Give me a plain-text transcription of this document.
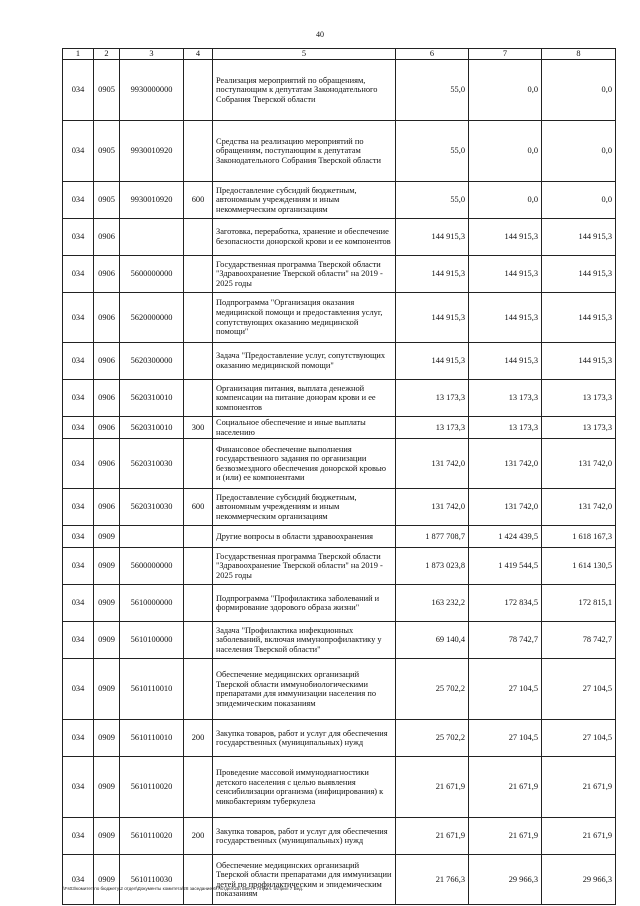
40
1	2	3	4	5	6	7	8
034	0905	9930000000		Реализация мероприятий по обращениям, поступающим к депутатам Законодательного Собрания Тверской области	55,0	0,0	0,0
034	0905	9930010920		Средства на реализацию мероприятий по обращениям, поступающим к депутатам Законодательного Собрания Тверской области	55,0	0,0	0,0
034	0905	9930010920	600	Предоставление субсидий бюджетным, автономным учреждениям и иным некоммерческим организациям	55,0	0,0	0,0
034	0906			Заготовка, переработка, хранение и обеспечение безопасности донорской крови и ее компонентов	144 915,3	144 915,3	144 915,3
034	0906	5600000000		Государственная программа Тверской области "Здравоохранение Тверской области" на 2019 - 2025 годы	144 915,3	144 915,3	144 915,3
034	0906	5620000000		Подпрограмма "Организация оказания медицинской помощи и предоставления услуг, сопутствующих оказанию медицинской помощи"	144 915,3	144 915,3	144 915,3
034	0906	5620300000		Задача "Предоставление услуг, сопутствующих оказанию медицинской помощи"	144 915,3	144 915,3	144 915,3
034	0906	5620310010		Организация питания, выплата денежной компенсации на питание донорам крови и ее компонентов	13 173,3	13 173,3	13 173,3
034	0906	5620310010	300	Социальное обеспечение и иные выплаты населению	13 173,3	13 173,3	13 173,3
034	0906	5620310030		Финансовое обеспечение выполнения государственного задания по организации безвозмездного обеспечения донорской кровью и (или) ее компонентами	131 742,0	131 742,0	131 742,0
034	0906	5620310030	600	Предоставление субсидий бюджетным, автономным учреждениям и иным некоммерческим организациям	131 742,0	131 742,0	131 742,0
034	0909			Другие вопросы в области здравоохранения	1 877 708,7	1 424 439,5	1 618 167,3
034	0909	5600000000		Государственная программа Тверской области "Здравоохранение Тверской области" на 2019 - 2025 годы	1 873 023,8	1 419 544,5	1 614 130,5
034	0909	5610000000		Подпрограмма "Профилактика заболеваний и формирование здорового образа жизни"	163 232,2	172 834,5	172 815,1
034	0909	5610100000		Задача "Профилактика инфекционных заболеваний, включая иммунопрофилактику у населения Тверской области"	69 140,4	78 742,7	78 742,7
034	0909	5610110010		Обеспечение медицинских организаций Тверской области иммунобиологическими препаратами для иммунизации населения по эпидемическим показаниям	25 702,2	27 104,5	27 104,5
034	0909	5610110010	200	Закупка товаров, работ и услуг для обеспечения государственных (муниципальных) нужд	25 702,2	27 104,5	27 104,5
034	0909	5610110020		Проведение массовой иммунодиагностики детского населения с целью выявления сенсибилизации организма (инфицирования) к микобактериям туберкулеза	21 671,9	21 671,9	21 671,9
034	0909	5610110020	200	Закупка товаров, работ и услуг для обеспечения государственных (муниципальных) нужд	21 671,9	21 671,9	21 671,9
034	0909	5610110030		Обеспечение медицинских организаций Тверской области препаратами для иммунизации детей по профилактическим и эпидемическим показаниям	21 766,3	29 966,3	29 966,3
\\Fs03\комитет по бюджету\2 отдел\Документы комитета\28 заседание 6\?\отдел\28\ 569-П-7\Прил. 6\Прил 7 Вед.
